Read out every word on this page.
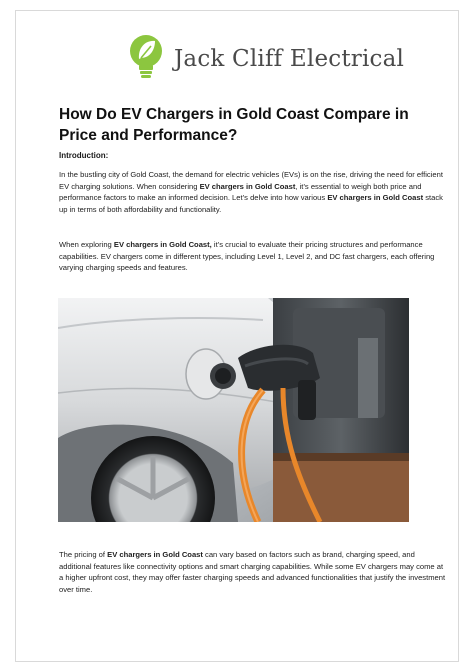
Jack Cliff Electrical
How Do EV Chargers in Gold Coast Compare in Price and Performance?
Introduction:
In the bustling city of Gold Coast, the demand for electric vehicles (EVs) is on the rise, driving the need for efficient EV charging solutions. When considering EV chargers in Gold Coast, it’s essential to weigh both price and performance factors to make an informed decision. Let’s delve into how various EV chargers in Gold Coast stack up in terms of both affordability and functionality.
When exploring EV chargers in Gold Coast, it’s crucial to evaluate their pricing structures and performance capabilities. EV chargers come in different types, including Level 1, Level 2, and DC fast chargers, each offering varying charging speeds and features.
The pricing of EV chargers in Gold Coast can vary based on factors such as brand, charging speed, and additional features like connectivity options and smart charging capabilities. While some EV chargers may come at a higher upfront cost, they may offer faster charging speeds and advanced functionalities that justify the investment over time.
